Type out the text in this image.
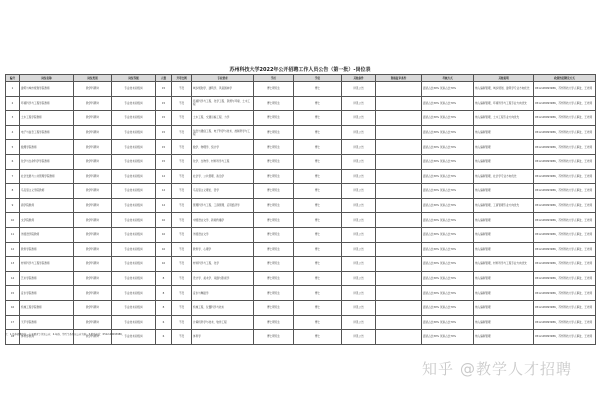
苏州科技大学2022年公开招聘工作人员公告（第一批）-岗位表
编号	岗位名称	岗位类别	岗位等级	人数	开考比例	专业要求	学历	学位	其他条件	资格复审条件	考核方式	其他说明	政策性招聘及方式
1	建筑与城市规划学院教师	教学科研岗	专业技术初级岗	15	不设	城乡规划学、建筑学、风景园林学	博士研究生	博士	详见公告		面试占比30% 试讲占比70%	纳入编制管理，城乡规划、建筑学专业方向优先	0512-68093986，苏州科技大学人事处，王老师
2	环境科学与工程学院教师	教学科研岗	专业技术初级岗	15	不设	环境科学与工程、化学工程、资源与环境、土木工程	博士研究生	博士	详见公告		面试占比30% 试讲占比70%	纳入编制管理，环境科学与工程专业方向优先	0512-68093986，苏州科技大学人事处，王老师
3	土木工程学院教师	教学科研岗	专业技术初级岗	15	不设	土木工程、交通运输工程、力学	博士研究生	博士	详见公告		面试占比30% 试讲占比70%	纳入编制管理，土木工程专业方向优先	0512-68093986，苏州科技大学人事处，王老师
4	电子与信息工程学院教师	教学科研岗	专业技术初级岗	15	不设	信息与通信工程、电子科学与技术、控制科学与工程	博士研究生	博士	详见公告		面试占比30% 试讲占比70%	纳入编制管理	0512-68093986，苏州科技大学人事处，王老师
5	数理学院教师	教学科研岗	专业技术初级岗	15	不设	数学、物理学、统计学	博士研究生	博士	详见公告		面试占比30% 试讲占比70%	纳入编制管理	0512-68093986，苏州科技大学人事处，王老师
6	化学与生命科学学院教师	教学科研岗	专业技术初级岗	15	不设	化学、生物学、材料科学与工程	博士研究生	博士	详见公告		面试占比30% 试讲占比70%	纳入编制管理	0512-68093986，苏州科技大学人事处，王老师
7	社会发展与公共管理学院教师	教学科研岗	专业技术初级岗	12	不设	社会学、公共管理、政治学	博士研究生	博士	详见公告		面试占比30% 试讲占比70%	纳入编制管理，社会学专业方向优先	0512-68093986，苏州科技大学人事处，王老师
8	马克思主义学院教师	教学科研岗	专业技术初级岗	12	不设	马克思主义理论、哲学	博士研究生	博士	详见公告		面试占比30% 试讲占比70%	纳入编制管理	0512-68093986，苏州科技大学人事处，王老师
9	商学院教师	教学科研岗	专业技术初级岗	12	不设	管理科学与工程、工商管理、应用经济学	博士研究生	博士	详见公告		面试占比30% 试讲占比70%	纳入编制管理，工商管理专业方向优先	0512-68093986，苏州科技大学人事处，王老师
10	文学院教师	教学科研岗	专业技术初级岗	10	不设	中国语言文学、新闻传播学	博士研究生	博士	详见公告		面试占比30% 试讲占比70%	纳入编制管理	0512-68093986，苏州科技大学人事处，王老师
11	外国语学院教师	教学科研岗	专业技术初级岗	10	不设	外国语言文学	博士研究生	博士	详见公告		面试占比30% 试讲占比70%	纳入编制管理	0512-68093986，苏州科技大学人事处，王老师
12	教育学院教师	教学科研岗	专业技术初级岗	10	不设	教育学、心理学	博士研究生	博士	详见公告		面试占比30% 试讲占比70%	纳入编制管理	0512-68093986，苏州科技大学人事处，王老师
13	材料科学与工程学院教师	教学科研岗	专业技术初级岗	10	不设	材料科学与工程、化学	博士研究生	博士	详见公告		面试占比30% 试讲占比70%	纳入编制管理，材料科学与工程专业方向优先	0512-68093986，苏州科技大学人事处，王老师
14	艺术学院教师	教学科研岗	专业技术初级岗	8	不设	设计学、美术学、戏剧与影视学	博士研究生	博士	详见公告		面试占比30% 试讲占比70%	纳入编制管理	0512-68093986，苏州科技大学人事处，王老师
15	音乐学院教师	教学科研岗	专业技术初级岗	8	不设	音乐与舞蹈学	博士研究生	博士	详见公告		面试占比30% 试讲占比70%	纳入编制管理	0512-68093986，苏州科技大学人事处，王老师
16	机械工程学院教师	教学科研岗	专业技术初级岗	8	不设	机械工程、仪器科学与技术	博士研究生	博士	详见公告		面试占比30% 试讲占比70%	纳入编制管理	0512-68093986，苏州科技大学人事处，王老师
17	天平学院教师	教学科研岗	专业技术初级岗	6	不设	计算机科学与技术、软件工程	博士研究生	博士	详见公告		面试占比30% 试讲占比70%	纳入编制管理	0512-68093986，苏州科技大学人事处，王老师
18	体育部教师	教学科研岗	专业技术初级岗	6	不设	体育学	博士研究生	博士	详见公告		面试占比30% 试讲占比70%	纳入编制管理	0512-68093986，苏州科技大学人事处，王老师
注：1.具体招聘岗位、专业要求等详见公告；2.年龄、学历等条件以公告为准；3.联系电话：0512-68093986。
知乎 @教学人才招聘
